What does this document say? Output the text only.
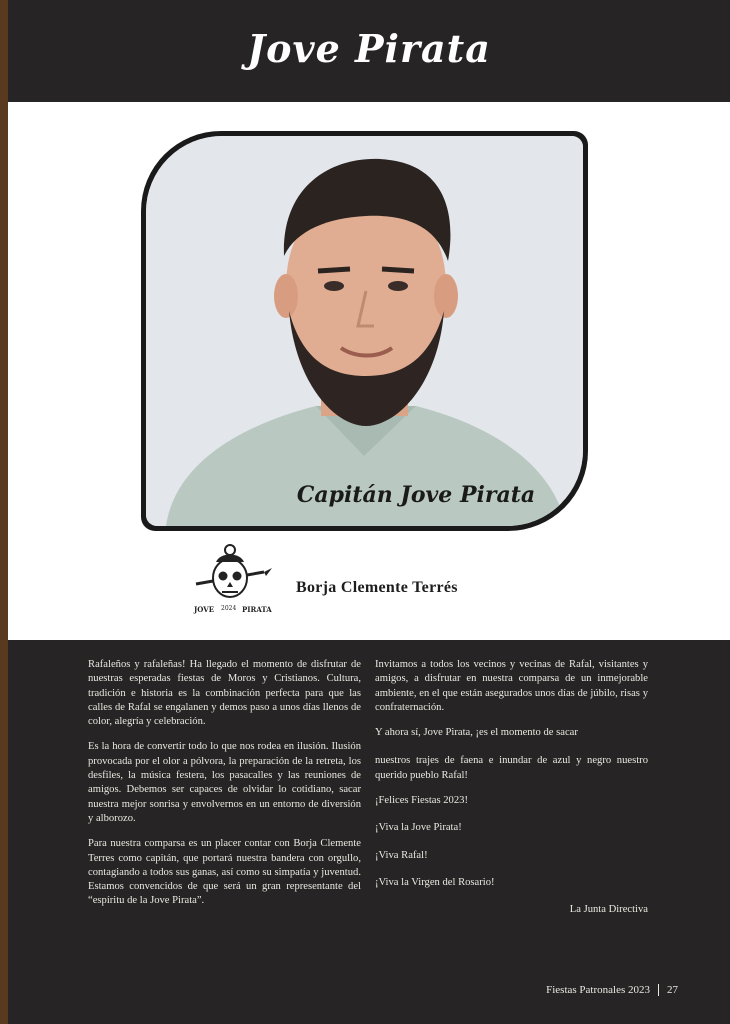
Jove Pirata
Capitán Jove Pirata
JOVE	PIRATA
2024
Borja Clemente Terrés

Rafaleños y rafaleñas! Ha llegado el momento de disfrutar de nuestras esperadas fiestas de Moros y Cristianos. Cultura, tradición e historia es la combinación perfecta para que las calles de Rafal se engalanen y demos paso a unos días llenos de color, alegría y celebración.

Es la hora de convertir todo lo que nos rodea en ilusión. Ilusión provocada por el olor a pólvora, la preparación de la retreta, los desfiles, la música festera, los pasacalles y las reuniones de amigos. Debemos ser capaces de olvidar lo cotidiano, sacar nuestra mejor sonrisa y envolvernos en un entorno de diversión y alborozo.

Para nuestra comparsa es un placer contar con Borja Clemente Terres como capitán, que portará nuestra bandera con orgullo, contagiando a todos sus ganas, así como su simpatía y juventud. Estamos convencidos de que será un gran representante del “espíritu de la Jove Pirata”.

Invitamos a todos los vecinos y vecinas de Rafal, visitantes y amigos, a disfrutar en nuestra comparsa de un inmejorable ambiente, en el que están asegurados unos días de júbilo, risas y confraternación.

Y ahora sí, Jove Pirata, ¡es el momento de sacar

nuestros trajes de faena e inundar de azul y negro nuestro querido pueblo Rafal!

¡Felices Fiestas 2023!

¡Viva la Jove Pirata!

¡Viva Rafal!

¡Viva la Virgen del Rosario!

La Junta Directiva

Fiestas Patronales 2023 27
